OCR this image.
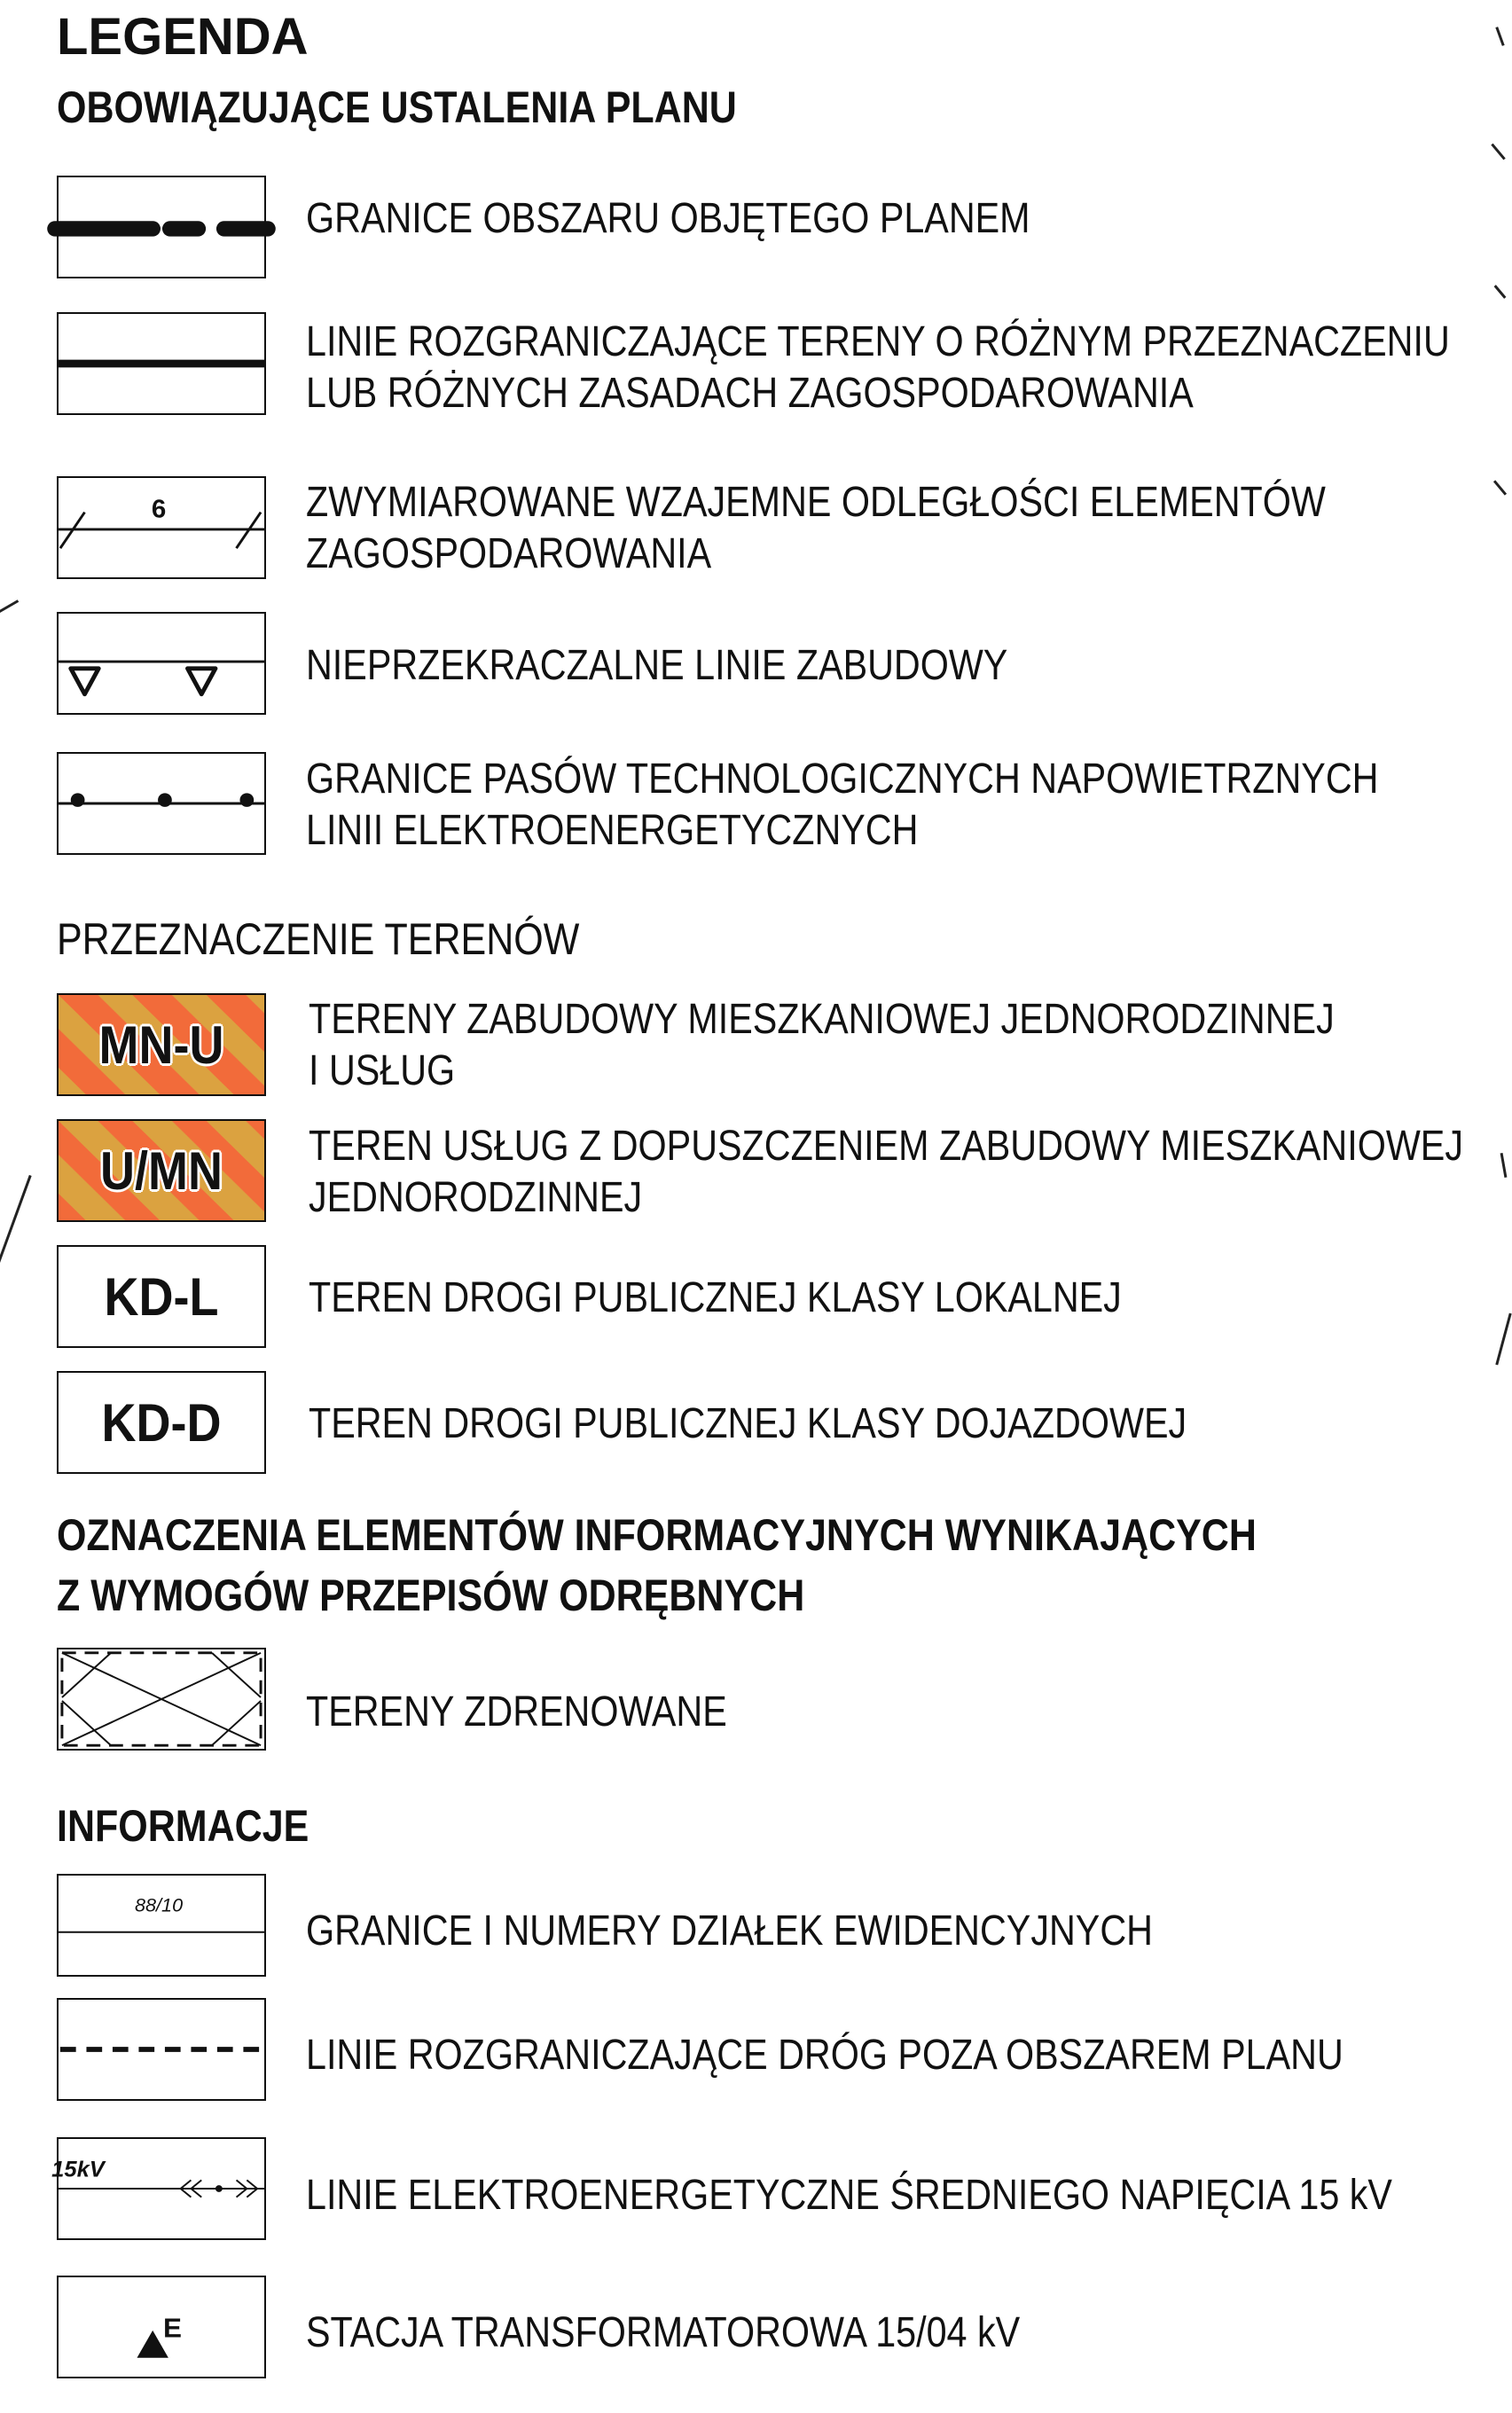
LEGENDA
OBOWIĄZUJĄCE USTALENIA PLANU
GRANICE OBSZARU OBJĘTEGO PLANEM
LINIE ROZGRANICZAJĄCE TERENY O RÓŻNYM PRZEZNACZENIU
LUB RÓŻNYCH ZASADACH ZAGOSPODAROWANIA
6	ZWYMIAROWANE WZAJEMNE ODLEGŁOŚCI ELEMENTÓW
ZAGOSPODAROWANIA
NIEPRZEKRACZALNE LINIE ZABUDOWY
GRANICE PASÓW TECHNOLOGICZNYCH NAPOWIETRZNYCH
LINII ELEKTROENERGETYCZNYCH
PRZEZNACZENIE TERENÓW
MN-U	TERENY ZABUDOWY MIESZKANIOWEJ JEDNORODZINNEJ
I USŁUG
U/MN	TEREN USŁUG Z DOPUSZCZENIEM ZABUDOWY MIESZKANIOWEJ
JEDNORODZINNEJ
KD-L	TEREN DROGI PUBLICZNEJ KLASY LOKALNEJ
KD-D	TEREN DROGI PUBLICZNEJ KLASY DOJAZDOWEJ
OZNACZENIA ELEMENTÓW INFORMACYJNYCH WYNIKAJĄCYCH
Z WYMOGÓW PRZEPISÓW ODRĘBNYCH
TERENY ZDRENOWANE
INFORMACJE
88/10
GRANICE I NUMERY DZIAŁEK EWIDENCYJNYCH
LINIE ROZGRANICZAJĄCE DRÓG POZA OBSZAREM PLANU
15kV
LINIE ELEKTROENERGETYCZNE ŚREDNIEGO NAPIĘCIA 15 kV
E	STACJA TRANSFORMATOROWA 15/04 kV
